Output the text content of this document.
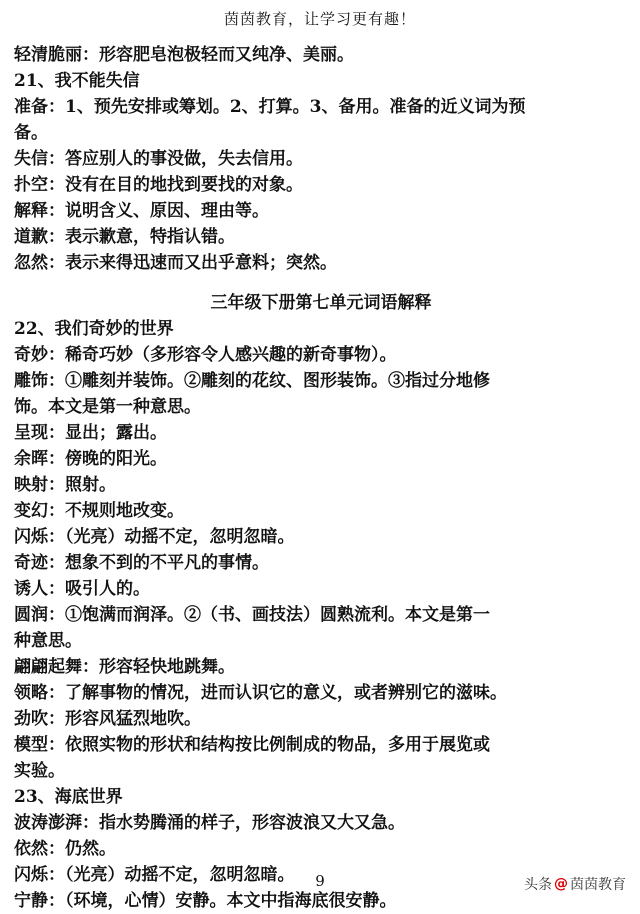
茵茵教育，让学习更有趣！
轻清脆丽：形容肥皂泡极轻而又纯净、美丽。
21、我不能失信
准备：1、预先安排或筹划。2、打算。3、备用。准备的近义词为预
备。
失信：答应别人的事没做，失去信用。
扑空：没有在目的地找到要找的对象。
解释：说明含义、原因、理由等。
道歉：表示歉意，特指认错。
忽然：表示来得迅速而又出乎意料；突然。
三年级下册第七单元词语解释
22、我们奇妙的世界
奇妙：稀奇巧妙（多形容令人感兴趣的新奇事物）。
雕饰：①雕刻并装饰。②雕刻的花纹、图形装饰。③指过分地修
饰。本文是第一种意思。
呈现：显出；露出。
余晖：傍晚的阳光。
映射：照射。
变幻：不规则地改变。
闪烁：（光亮）动摇不定，忽明忽暗。
奇迹：想象不到的不平凡的事情。
诱人：吸引人的。
圆润：①饱满而润泽。②（书、画技法）圆熟流利。本文是第一
种意思。
翩翩起舞：形容轻快地跳舞。
领略：了解事物的情况，进而认识它的意义，或者辨别它的滋味。
劲吹：形容风猛烈地吹。
模型：依照实物的形状和结构按比例制成的物品，多用于展览或
实验。
23、海底世界
波涛澎湃：指水势腾涌的样子，形容波浪又大又急。
依然：仍然。
闪烁：（光亮）动摇不定，忽明忽暗。
宁静：（环境，心情）安静。本文中指海底很安静。
9	头条 @ 茵茵教育
